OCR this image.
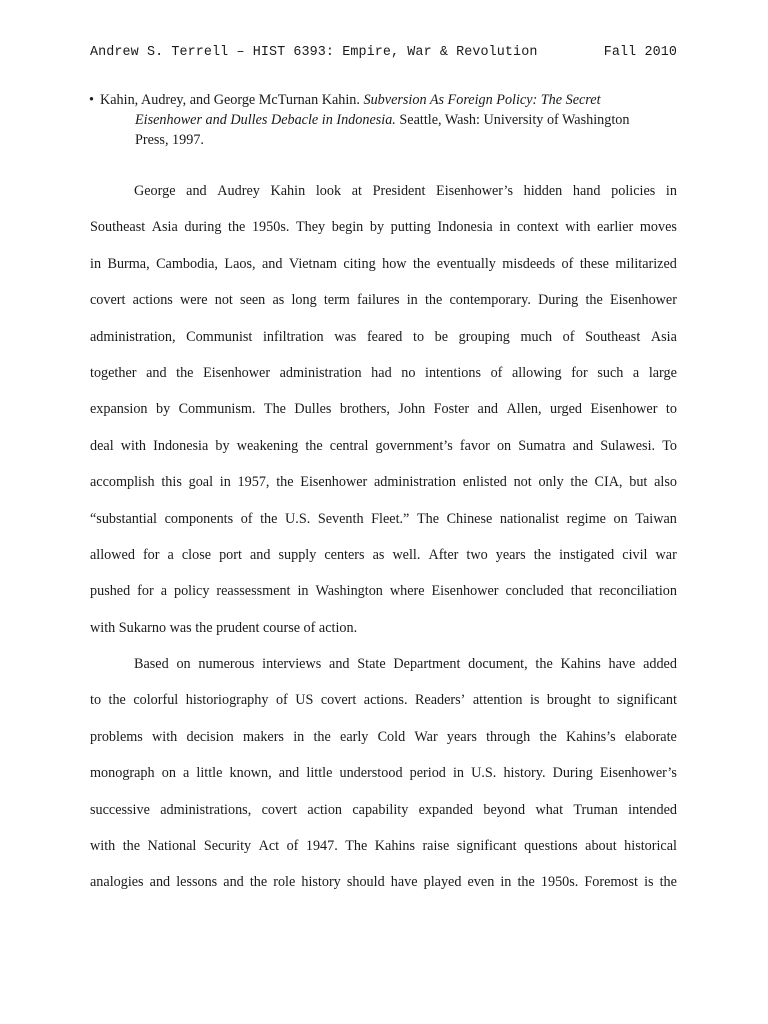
Andrew S. Terrell – HIST 6393: Empire, War & Revolution	Fall 2010
• Kahin, Audrey, and George McTurnan Kahin. Subversion As Foreign Policy: The Secret
Eisenhower and Dulles Debacle in Indonesia. Seattle, Wash: University of Washington
Press, 1997.
George and Audrey Kahin look at President Eisenhower’s hidden hand policies in
Southeast Asia during the 1950s. They begin by putting Indonesia in context with earlier moves
in Burma, Cambodia, Laos, and Vietnam citing how the eventually misdeeds of these militarized
covert actions were not seen as long term failures in the contemporary. During the Eisenhower
administration, Communist infiltration was feared to be grouping much of Southeast Asia
together and the Eisenhower administration had no intentions of allowing for such a large
expansion by Communism. The Dulles brothers, John Foster and Allen, urged Eisenhower to
deal with Indonesia by weakening the central government’s favor on Sumatra and Sulawesi. To
accomplish this goal in 1957, the Eisenhower administration enlisted not only the CIA, but also
“substantial components of the U.S. Seventh Fleet.” The Chinese nationalist regime on Taiwan
allowed for a close port and supply centers as well. After two years the instigated civil war
pushed for a policy reassessment in Washington where Eisenhower concluded that reconciliation
with Sukarno was the prudent course of action.
Based on numerous interviews and State Department document, the Kahins have added
to the colorful historiography of US covert actions. Readers’ attention is brought to significant
problems with decision makers in the early Cold War years through the Kahins’s elaborate
monograph on a little known, and little understood period in U.S. history. During Eisenhower’s
successive administrations, covert action capability expanded beyond what Truman intended
with the National Security Act of 1947. The Kahins raise significant questions about historical
analogies and lessons and the role history should have played even in the 1950s. Foremost is the
